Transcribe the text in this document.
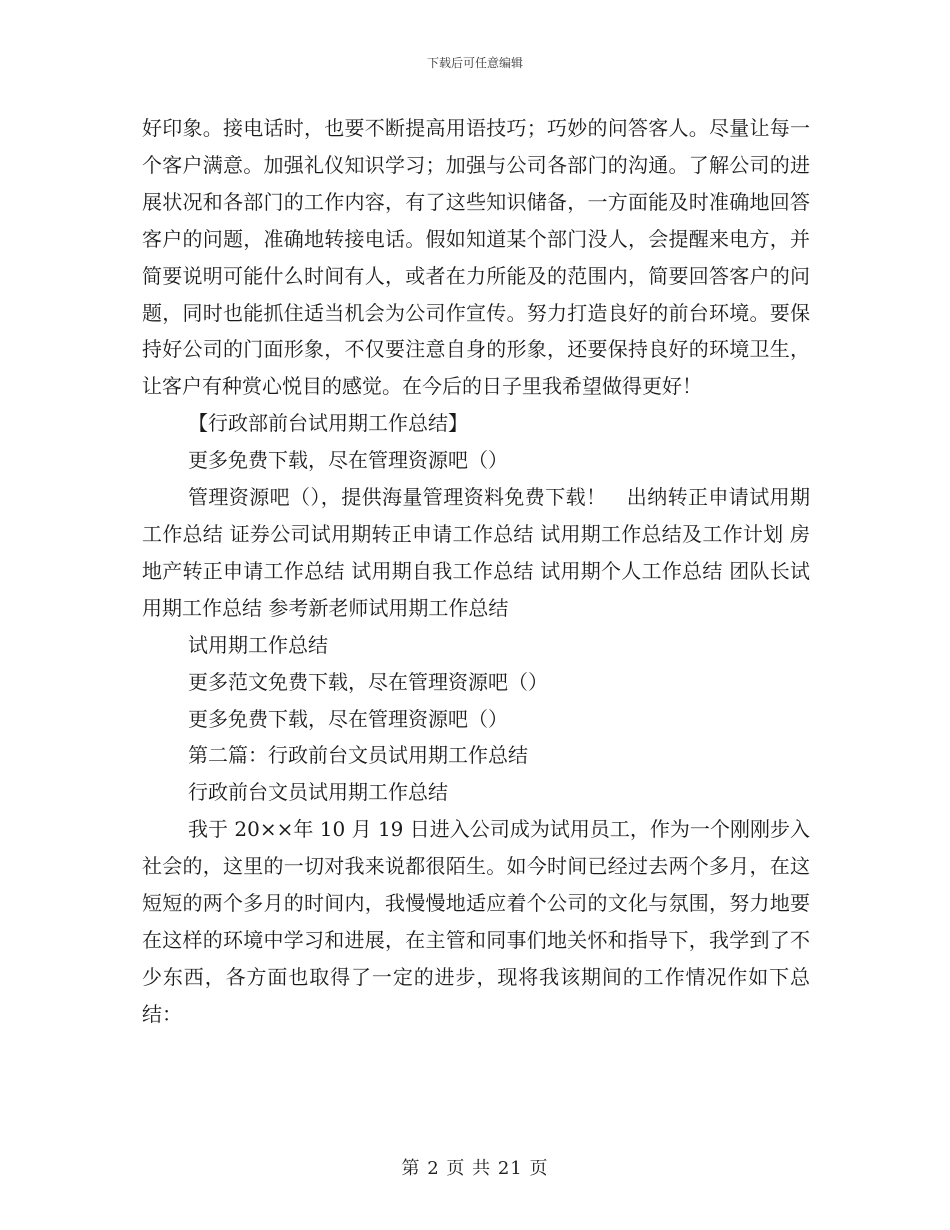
下载后可任意编辑

好印象。接电话时，也要不断提高用语技巧；巧妙的问答客人。尽量让每一个客户满意。加强礼仪知识学习；加强与公司各部门的沟通。了解公司的进展状况和各部门的工作内容，有了这些知识储备，一方面能及时准确地回答客户的问题，准确地转接电话。假如知道某个部门没人，会提醒来电方，并简要说明可能什么时间有人，或者在力所能及的范围内，简要回答客户的问题，同时也能抓住适当机会为公司作宣传。努力打造良好的前台环境。要保持好公司的门面形象，不仅要注意自身的形象，还要保持良好的环境卫生，让客户有种赏心悦目的感觉。在今后的日子里我希望做得更好！

【行政部前台试用期工作总结】

更多免费下载，尽在管理资源吧（）

管理资源吧（），提供海量管理资料免费下载！　出纳转正申请试用期工作总结 证券公司试用期转正申请工作总结 试用期工作总结及工作计划 房地产转正申请工作总结 试用期自我工作总结 试用期个人工作总结 团队长试用期工作总结 参考新老师试用期工作总结

试用期工作总结

更多范文免费下载，尽在管理资源吧（）

更多免费下载，尽在管理资源吧（）

第二篇：行政前台文员试用期工作总结

行政前台文员试用期工作总结

我于 20××年 10 月 19 日进入公司成为试用员工，作为一个刚刚步入社会的，这里的一切对我来说都很陌生。如今时间已经过去两个多月，在这短短的两个多月的时间内，我慢慢地适应着个公司的文化与氛围，努力地要在这样的环境中学习和进展，在主管和同事们地关怀和指导下，我学到了不少东西，各方面也取得了一定的进步，现将我该期间的工作情况作如下总结：

第 2 页 共 21 页
